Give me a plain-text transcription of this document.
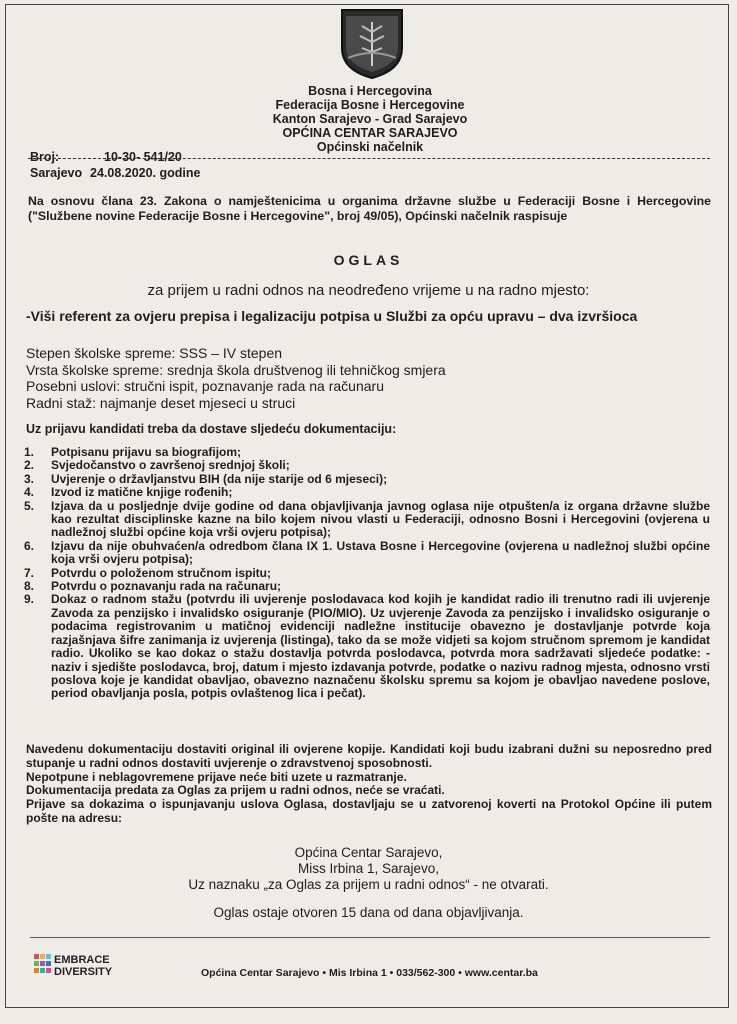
Bosna i Hercegovina
Federacija Bosne i Hercegovine
Kanton Sarajevo - Grad Sarajevo
OPĆINA CENTAR SARAJEVO
Općinski načelnik
Broj:	10-30- 541/20
Sarajevo 24.08.2020. godine
Na osnovu člana 23. Zakona o namještenicima u organima državne službe u Federaciji Bosne i Hercegovine ("Službene novine Federacije Bosne i Hercegovine", broj 49/05), Općinski načelnik raspisuje
OGLAS
za prijem u radni odnos na neodređeno vrijeme u na radno mjesto:
-Viši referent za ovjeru prepisa i legalizaciju potpisa u Službi za opću upravu – dva izvršioca
Stepen školske spreme: SSS – IV stepen
Vrsta školske spreme: srednja škola društvenog ili tehničkog smjera
Posebni uslovi: stručni ispit, poznavanje rada na računaru
Radni staž: najmanje deset mjeseci u struci
Uz prijavu kandidati treba da dostave sljedeću dokumentaciju:
1.	Potpisanu prijavu sa biografijom;
2.	Svjedočanstvo o završenoj srednjoj školi;
3.	Uvjerenje o državljanstvu BIH (da nije starije od 6 mjeseci);
4.	Izvod iz matične knjige rođenih;
5.	Izjava da u posljednje dvije godine od dana objavljivanja javnog oglasa nije otpušten/a iz organa državne službe kao rezultat disciplinske kazne na bilo kojem nivou vlasti u Federaciji, odnosno Bosni i Hercegovini (ovjerena u nadležnoj službi općine koja vrši ovjeru potpisa);
6.	Izjavu da nije obuhvaćen/a odredbom člana IX 1. Ustava Bosne i Hercegovine (ovjerena u nadležnoj službi općine koja vrši ovjeru potpisa);
7.	Potvrdu o položenom stručnom ispitu;
8.	Potvrdu o poznavanju rada na računaru;
9.	Dokaz o radnom stažu (potvrdu ili uvjerenje poslodavaca kod kojih je kandidat radio ili trenutno radi ili uvjerenje Zavoda za penzijsko i invalidsko osiguranje (PIO/MIO). Uz uvjerenje Zavoda za penzijsko i invalidsko osiguranje o podacima registrovanim u matičnoj evidenciji nadležne institucije obavezno je dostavljanje potvrde koja razjašnjava šifre zanimanja iz uvjerenja (listinga), tako da se može vidjeti sa kojom stručnom spremom je kandidat radio. Ukoliko se kao dokaz o stažu dostavlja potvrda poslodavca, potvrda mora sadržavati sljedeće podatke: - naziv i sjedište poslodavca, broj, datum i mjesto izdavanja potvrde, podatke o nazivu radnog mjesta, odnosno vrsti poslova koje je kandidat obavljao, obavezno naznačenu školsku spremu sa kojom je obavljao navedene poslove, period obavljanja posla, potpis ovlaštenog lica i pečat).
Navedenu dokumentaciju dostaviti original ili ovjerene kopije. Kandidati koji budu izabrani dužni su neposredno pred stupanje u radni odnos dostaviti uvjerenje o zdravstvenoj sposobnosti.
Nepotpune i neblagovremene prijave neće biti uzete u razmatranje.
Dokumentacija predata za Oglas za prijem u radni odnos, neće se vraćati.
Prijave sa dokazima o ispunjavanju uslova Oglasa, dostavljaju se u zatvorenoj koverti na Protokol Općine ili putem pošte na adresu:
Općina Centar Sarajevo,
Miss Irbina 1, Sarajevo,
Uz naznaku „za Oglas za prijem u radni odnos“ - ne otvarati.
Oglas ostaje otvoren 15 dana od dana objavljivanja.
EMBRACE
DIVERSITY	Općina Centar Sarajevo • Mis Irbina 1 • 033/562-300 • www.centar.ba
